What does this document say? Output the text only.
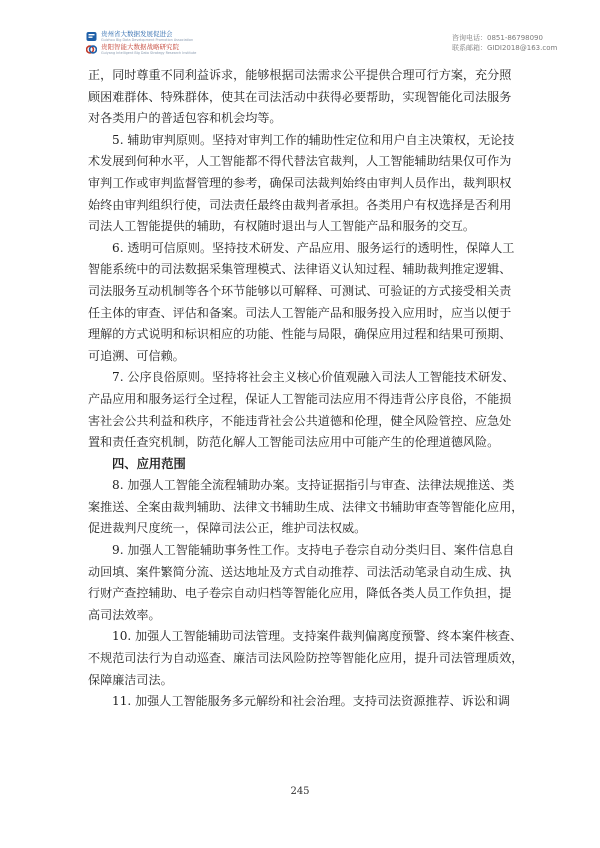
贵州省大数据发展促进会
Guizhou Big Data Development Promotion Association
贵阳智能大数据战略研究院
Guiyang Intelligent Big Data Strategy Research Institute
咨询电话：0851-86798090
联系邮箱：GIDI2018@163.com

正，同时尊重不同利益诉求，能够根据司法需求公平提供合理可行方案，充分照
顾困难群体、特殊群体，使其在司法活动中获得必要帮助，实现智能化司法服务
对各类用户的普适包容和机会均等。

5. 辅助审判原则。坚持对审判工作的辅助性定位和用户自主决策权，无论技
术发展到何种水平，人工智能都不得代替法官裁判，人工智能辅助结果仅可作为
审判工作或审判监督管理的参考，确保司法裁判始终由审判人员作出，裁判职权
始终由审判组织行使，司法责任最终由裁判者承担。各类用户有权选择是否利用
司法人工智能提供的辅助，有权随时退出与人工智能产品和服务的交互。

6. 透明可信原则。坚持技术研发、产品应用、服务运行的透明性，保障人工
智能系统中的司法数据采集管理模式、法律语义认知过程、辅助裁判推定逻辑、
司法服务互动机制等各个环节能够以可解释、可测试、可验证的方式接受相关责
任主体的审查、评估和备案。司法人工智能产品和服务投入应用时，应当以便于
理解的方式说明和标识相应的功能、性能与局限，确保应用过程和结果可预期、
可追溯、可信赖。

7. 公序良俗原则。坚持将社会主义核心价值观融入司法人工智能技术研发、
产品应用和服务运行全过程，保证人工智能司法应用不得违背公序良俗，不能损
害社会公共利益和秩序，不能违背社会公共道德和伦理，健全风险管控、应急处
置和责任查究机制，防范化解人工智能司法应用中可能产生的伦理道德风险。

四、应用范围

8. 加强人工智能全流程辅助办案。支持证据指引与审查、法律法规推送、类
案推送、全案由裁判辅助、法律文书辅助生成、法律文书辅助审查等智能化应用，
促进裁判尺度统一，保障司法公正，维护司法权威。

9. 加强人工智能辅助事务性工作。支持电子卷宗自动分类归目、案件信息自
动回填、案件繁简分流、送达地址及方式自动推荐、司法活动笔录自动生成、执
行财产查控辅助、电子卷宗自动归档等智能化应用，降低各类人员工作负担，提
高司法效率。

10. 加强人工智能辅助司法管理。支持案件裁判偏离度预警、终本案件核查、
不规范司法行为自动巡查、廉洁司法风险防控等智能化应用，提升司法管理质效，
保障廉洁司法。

11. 加强人工智能服务多元解纷和社会治理。支持司法资源推荐、诉讼和调

245
